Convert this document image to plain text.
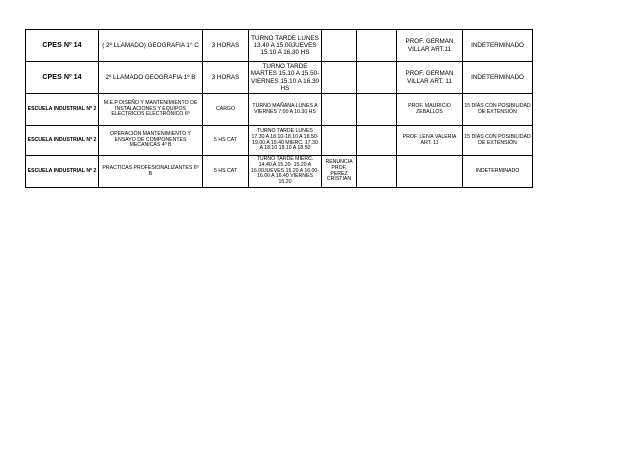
CPES Nº 14	( 2º LLAMADO) GEOGRAFIA 1° C	3 HORAS	TURNO TARDE LUNES 13.40 A 15.00JUEVES 15.10 A 16.30 HS			PROF. GERMAN VILLAR ART.11	INDETERMINADO
CPES Nº 14	2º LLAMADO GEOGRAFIA 1º B	3 HORAS	TURNO TARDE MARTES 15.10 A 15.50- VIERNES 15.10 A 16.30 HS			PROF. GERMAN VILLAR ART. 11	INDETERMINADO
ESCUELA INDUSTRIAL Nº 2	M.E.P DISEÑO Y MANTENIMIENTO DE INSTALACIONES Y EQUIPOS ELECTRICOS ELECTRONICO 6º	CARGO	TURNO MAÑANA LUNES A VIERNES 7:00 A 10.30 HS			PROF. MAURICIO ZEBALLOS	15 DÍAS CON POSIBILIDAD DE EXTENSIÓN
ESCUELA INDUSTRIAL Nº 2	OPERACIÓN MANTENIMIENTO Y ENSAYO DE COMPONENTES MECANICAS 4º B	5 HS CAT	TURNO TARDE LUNES 17.30 A 18.10-18.10 A 18.50-19.00 A 19.40 MIERC. 17.30 A 18.10 18.10 A 18.50			PROF. LEIVA VALERIA ART. 11	15 DÍAS CON POSIBILIDAD DE EXTENSIÓN
ESCUELA INDUSTRIAL Nº 2	PRACTICAS PROFESIONALIZANTES 6º B	5 HS CAT	TURNO TARDE MIERC. 14.40 A 15.20- 15.20 A 16.00JUEVES 15.20 A 16.00- 16.00 A 16.40 VIERNES 15.20	RENUNCIA PROF. PEREZ CRISTIAN			INDETERMINADO
